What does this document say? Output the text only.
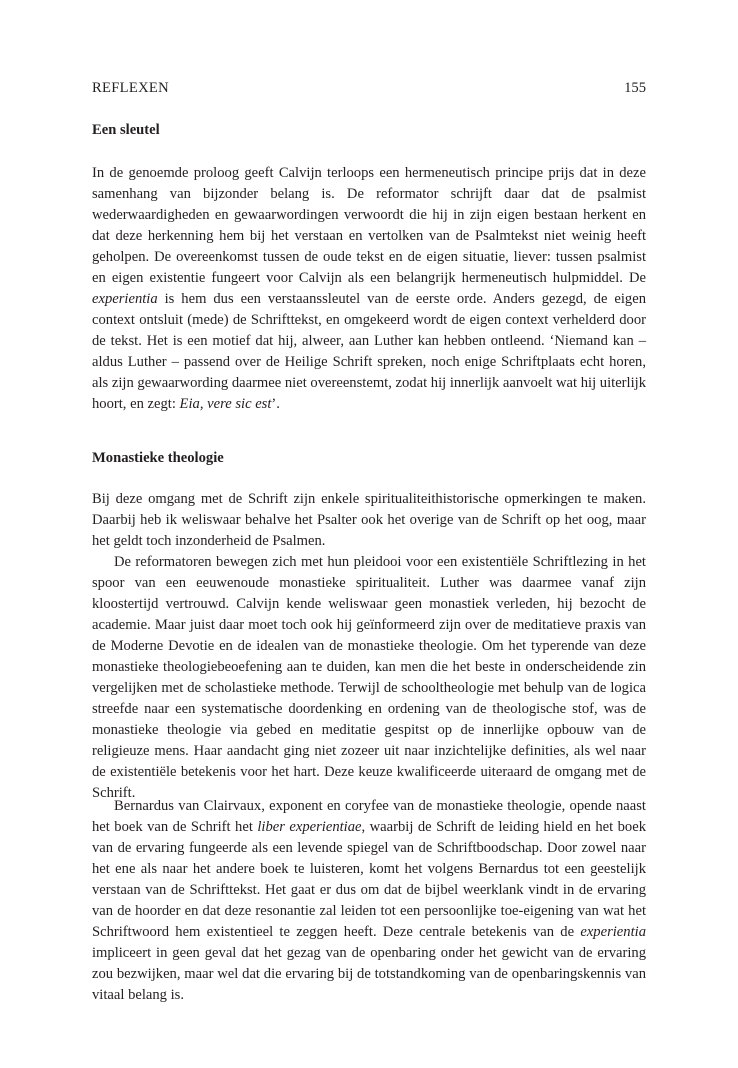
REFLEXEN	155
Een sleutel

In de genoemde proloog geeft Calvijn terloops een hermeneutisch principe prijs dat in deze samenhang van bijzonder belang is. De reformator schrijft daar dat de psalmist wederwaardigheden en gewaarwordingen verwoordt die hij in zijn eigen bestaan herkent en dat deze herkenning hem bij het verstaan en vertolken van de Psalmtekst niet weinig heeft geholpen. De overeenkomst tussen de oude tekst en de eigen situatie, liever: tussen psalmist en eigen existentie fungeert voor Calvijn als een belangrijk hermeneutisch hulpmiddel. De experientia is hem dus een verstaanssleutel van de eerste orde. Anders gezegd, de eigen context ontsluit (mede) de Schrifttekst, en omgekeerd wordt de eigen context verhelderd door de tekst. Het is een motief dat hij, alweer, aan Luther kan hebben ontleend. ‘Niemand kan – aldus Luther – passend over de Heilige Schrift spreken, noch enige Schriftplaats echt horen, als zijn gewaarwording daarmee niet overeenstemt, zodat hij innerlijk aanvoelt wat hij uiterlijk hoort, en zegt: Eia, vere sic est’.

Monastieke theologie

Bij deze omgang met de Schrift zijn enkele spiritualiteithistorische opmerkingen te maken. Daarbij heb ik weliswaar behalve het Psalter ook het overige van de Schrift op het oog, maar het geldt toch inzonderheid de Psalmen.

De reformatoren bewegen zich met hun pleidooi voor een existentiële Schriftlezing in het spoor van een eeuwenoude monastieke spiritualiteit. Luther was daarmee vanaf zijn kloostertijd vertrouwd. Calvijn kende weliswaar geen monastiek verleden, hij bezocht de academie. Maar juist daar moet toch ook hij geïnformeerd zijn over de meditatieve praxis van de Moderne Devotie en de idealen van de monastieke theologie. Om het typerende van deze monastieke theologiebeoefening aan te duiden, kan men die het beste in onderscheidende zin vergelijken met de scholastieke methode. Terwijl de schooltheologie met behulp van de logica streefde naar een systematische doordenking en ordening van de theologische stof, was de monastieke theologie via gebed en meditatie gespitst op de innerlijke opbouw van de religieuze mens. Haar aandacht ging niet zozeer uit naar inzichtelijke definities, als wel naar de existentiële betekenis voor het hart. Deze keuze kwalificeerde uiteraard de omgang met de Schrift.

Bernardus van Clairvaux, exponent en coryfee van de monastieke theologie, opende naast het boek van de Schrift het liber experientiae, waarbij de Schrift de leiding hield en het boek van de ervaring fungeerde als een levende spiegel van de Schriftboodschap. Door zowel naar het ene als naar het andere boek te luisteren, komt het volgens Bernardus tot een geestelijk verstaan van de Schrifttekst. Het gaat er dus om dat de bijbel weerklank vindt in de ervaring van de hoorder en dat deze resonantie zal leiden tot een persoonlijke toe-eigening van wat het Schriftwoord hem existentieel te zeggen heeft. Deze centrale betekenis van de experientia impliceert in geen geval dat het gezag van de openbaring onder het gewicht van de ervaring zou bezwijken, maar wel dat die ervaring bij de totstandkoming van de openbaringskennis van vitaal belang is.
